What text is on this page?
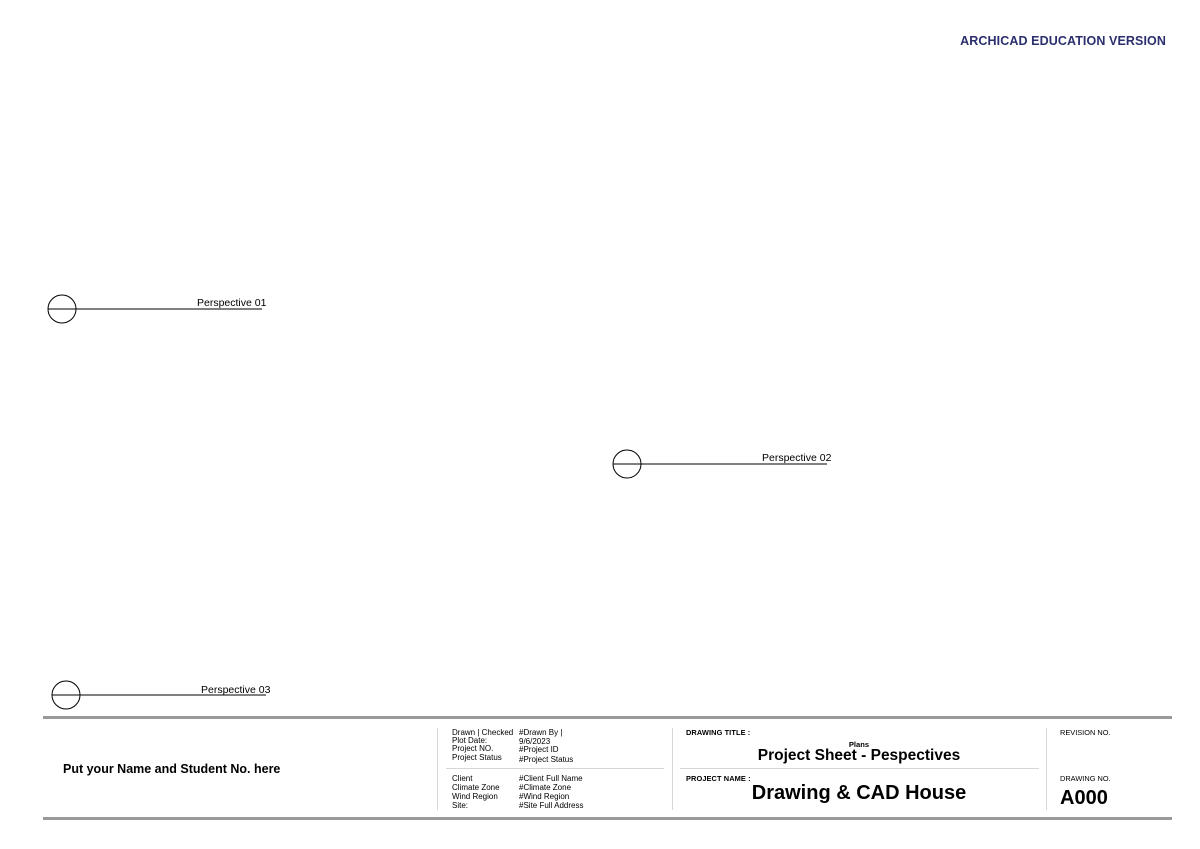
ARCHICAD EDUCATION VERSION
Perspective 01
Perspective 02
Perspective 03
Put your Name and Student No. here
Drawn | Checked #Drawn By |
Plot Date:	9/6/2023
Project NO.	#Project ID
Project Status #Project Status
Client	#Client Full Name
Climate Zone #Climate Zone
Wind Region	#Wind Region
Site:	#Site Full Address
DRAWING TITLE :
Plans
Project Sheet - Pespectives
PROJECT NAME :
Drawing & CAD House
REVISION NO.
DRAWING NO.
A000
